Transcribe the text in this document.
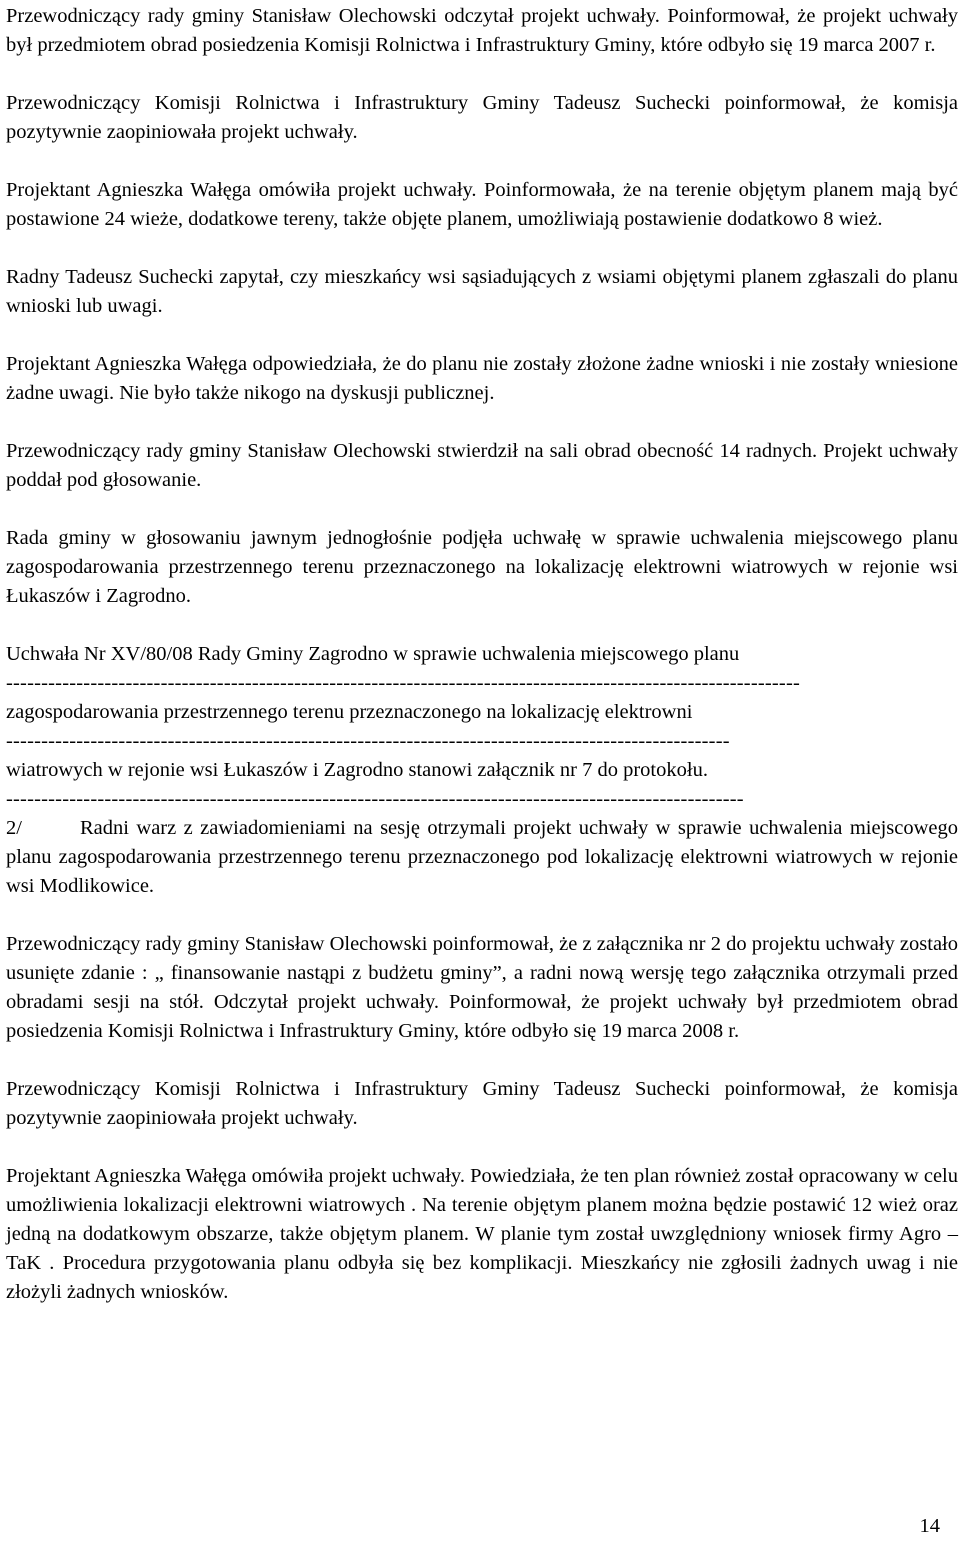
Przewodniczący rady gminy Stanisław Olechowski odczytał projekt uchwały. Poinformował, że projekt uchwały był przedmiotem obrad posiedzenia Komisji Rolnictwa i Infrastruktury Gminy, które odbyło się 19 marca 2007 r.

Przewodniczący Komisji Rolnictwa i Infrastruktury Gminy Tadeusz Suchecki poinformował, że komisja pozytywnie zaopiniowała projekt uchwały.

Projektant Agnieszka Wałęga omówiła projekt uchwały. Poinformowała, że na terenie objętym planem mają być postawione 24 wieże, dodatkowe tereny, także objęte planem, umożliwiają postawienie dodatkowo 8 wież.

Radny Tadeusz Suchecki zapytał, czy mieszkańcy wsi sąsiadujących z wsiami objętymi planem zgłaszali do planu wnioski lub uwagi.

Projektant Agnieszka Wałęga odpowiedziała, że do planu nie zostały złożone żadne wnioski i nie zostały wniesione żadne uwagi. Nie było także nikogo na dyskusji publicznej.

Przewodniczący rady gminy Stanisław Olechowski stwierdził na sali obrad obecność 14 radnych. Projekt uchwały poddał pod głosowanie.

Rada gminy w głosowaniu jawnym jednogłośnie podjęła uchwałę w sprawie uchwalenia miejscowego planu zagospodarowania przestrzennego terenu przeznaczonego na lokalizację elektrowni wiatrowych w rejonie wsi Łukaszów i Zagrodno.

Uchwała Nr XV/80/08 Rady Gminy Zagrodno w sprawie uchwalenia miejscowego planu

-----------------------------------------------------------------------------------------------------------------

zagospodarowania przestrzennego terenu przeznaczonego na lokalizację elektrowni

-------------------------------------------------------------------------------------------------------

wiatrowych w rejonie wsi Łukaszów i Zagrodno stanowi załącznik nr 7 do protokołu.

---------------------------------------------------------------------------------------------------------

2/	Radni warz z zawiadomieniami na sesję otrzymali projekt uchwały w sprawie uchwalenia miejscowego planu zagospodarowania przestrzennego terenu przeznaczonego pod lokalizację elektrowni wiatrowych w rejonie wsi Modlikowice.

Przewodniczący rady gminy Stanisław Olechowski poinformował, że z załącznika nr 2 do projektu uchwały zostało usunięte zdanie : „ finansowanie nastąpi z budżetu gminy”, a radni nową wersję tego załącznika otrzymali przed obradami sesji na stół. Odczytał projekt uchwały. Poinformował, że projekt uchwały był przedmiotem obrad posiedzenia Komisji Rolnictwa i Infrastruktury Gminy, które odbyło się 19 marca 2008 r.

Przewodniczący Komisji Rolnictwa i Infrastruktury Gminy Tadeusz Suchecki poinformował, że komisja pozytywnie zaopiniowała projekt uchwały.

Projektant Agnieszka Wałęga omówiła projekt uchwały. Powiedziała, że ten plan również został opracowany w celu umożliwienia lokalizacji elektrowni wiatrowych . Na terenie objętym planem można będzie postawić 12 wież oraz jedną na dodatkowym obszarze, także objętym planem. W planie tym został uwzględniony wniosek firmy Agro – TaK . Procedura przygotowania planu odbyła się bez komplikacji. Mieszkańcy nie zgłosili żadnych uwag i nie złożyli żadnych wniosków.

14
